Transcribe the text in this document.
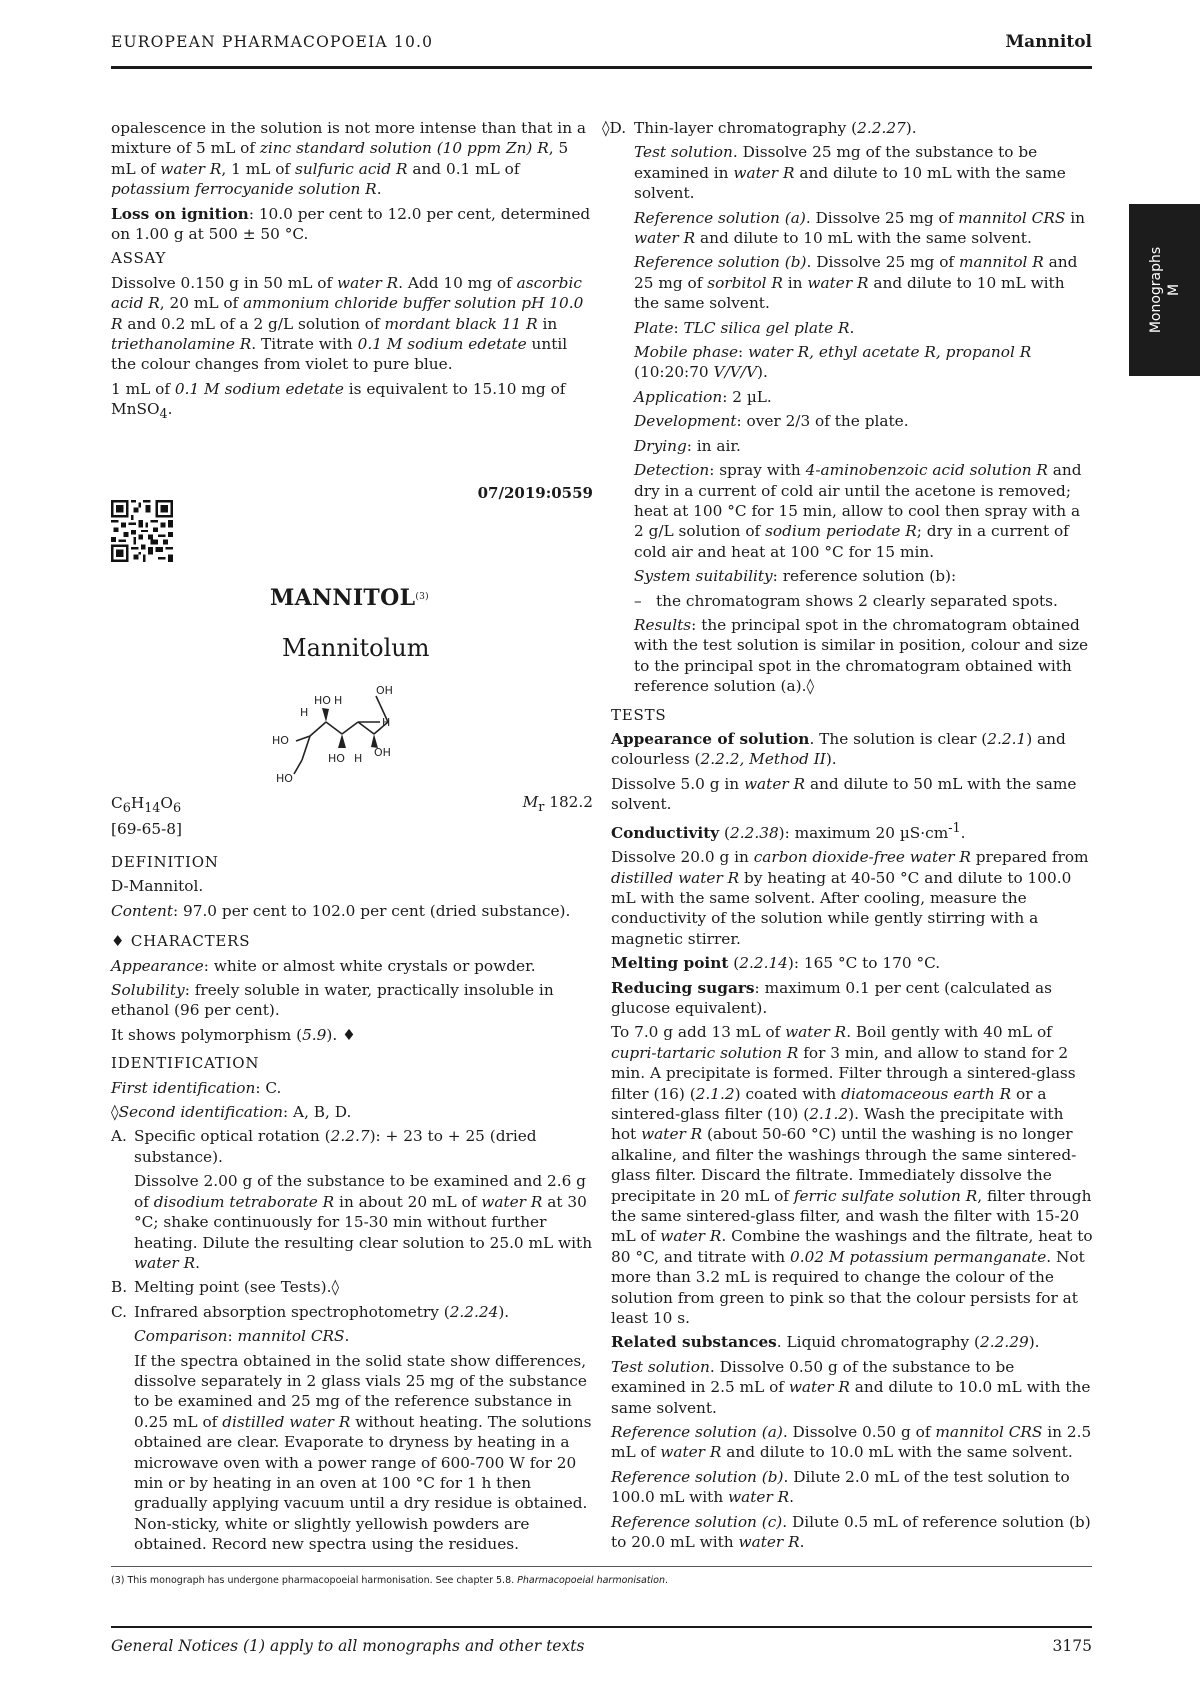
EUROPEAN PHARMACOPOEIA 10.0	Mannitol
Monographs M

opalescence in the solution is not more intense than that in a mixture of 5 mL of zinc standard solution (10 ppm Zn) R, 5 mL of water R, 1 mL of sulfuric acid R and 0.1 mL of potassium ferrocyanide solution R.

Loss on ignition: 10.0 per cent to 12.0 per cent, determined on 1.00 g at 500 ± 50 °C.

ASSAY

Dissolve 0.150 g in 50 mL of water R. Add 10 mg of ascorbic acid R, 20 mL of ammonium chloride buffer solution pH 10.0 R and 0.2 mL of a 2 g/L solution of mordant black 11 R in triethanolamine R. Titrate with 0.1 M sodium edetate until the colour changes from violet to pure blue.

1 mL of 0.1 M sodium edetate is equivalent to 15.10 mg of MnSO$_4$.

07/2019:0559
MANNITOL$^{(3)}$
Mannitolum
OH
HO H
H
H
HO
OH
HO H
HO
$C_6H_{14}O_6$
[69-65-8]
$M_r$ 182.2
DEFINITION

D-Mannitol.

Content: 97.0 per cent to 102.0 per cent (dried substance).

♦ CHARACTERS

Appearance: white or almost white crystals or powder.

Solubility: freely soluble in water, practically insoluble in ethanol (96 per cent).

It shows polymorphism (5.9). ♦

IDENTIFICATION

First identification: C.

◊Second identification: A, B, D.

A. Specific optical rotation (2.2.7): + 23 to + 25 (dried substance).

Dissolve 2.00 g of the substance to be examined and 2.6 g of disodium tetraborate R in about 20 mL of water R at 30 °C; shake continuously for 15-30 min without further heating. Dilute the resulting clear solution to 25.0 mL with water R.

B. Melting point (see Tests).◊

C. Infrared absorption spectrophotometry (2.2.24).

Comparison: mannitol CRS.

If the spectra obtained in the solid state show differences, dissolve separately in 2 glass vials 25 mg of the substance to be examined and 25 mg of the reference substance in 0.25 mL of distilled water R without heating. The solutions obtained are clear. Evaporate to dryness by heating in a microwave oven with a power range of 600-700 W for 20 min or by heating in an oven at 100 °C for 1 h then gradually applying vacuum until a dry residue is obtained. Non-sticky, white or slightly yellowish powders are obtained. Record new spectra using the residues.

◊D. Thin-layer chromatography (2.2.27).

Test solution. Dissolve 25 mg of the substance to be examined in water R and dilute to 10 mL with the same solvent.

Reference solution (a). Dissolve 25 mg of mannitol CRS in water R and dilute to 10 mL with the same solvent.

Reference solution (b). Dissolve 25 mg of mannitol R and 25 mg of sorbitol R in water R and dilute to 10 mL with the same solvent.

Plate: TLC silica gel plate R.

Mobile phase: water R, ethyl acetate R, propanol R (10:20:70 V/V/V).

Application: 2 µL.

Development: over 2/3 of the plate.

Drying: in air.

Detection: spray with 4-aminobenzoic acid solution R and dry in a current of cold air until the acetone is removed; heat at 100 °C for 15 min, allow to cool then spray with a 2 g/L solution of sodium periodate R; dry in a current of cold air and heat at 100 °C for 15 min.

System suitability: reference solution (b):

– the chromatogram shows 2 clearly separated spots.

Results: the principal spot in the chromatogram obtained with the test solution is similar in position, colour and size to the principal spot in the chromatogram obtained with reference solution (a).◊

TESTS

Appearance of solution. The solution is clear (2.2.1) and colourless (2.2.2, Method II).

Dissolve 5.0 g in water R and dilute to 50 mL with the same solvent.

Conductivity (2.2.38): maximum 20 $\mu S\cdot cm^{-1}$.

Dissolve 20.0 g in carbon dioxide-free water R prepared from distilled water R by heating at 40-50 °C and dilute to 100.0 mL with the same solvent. After cooling, measure the conductivity of the solution while gently stirring with a magnetic stirrer.

Melting point (2.2.14): 165 °C to 170 °C.

Reducing sugars: maximum 0.1 per cent (calculated as glucose equivalent).

To 7.0 g add 13 mL of water R. Boil gently with 40 mL of cupri-tartaric solution R for 3 min, and allow to stand for 2 min. A precipitate is formed. Filter through a sintered-glass filter (16) (2.1.2) coated with diatomaceous earth R or a sintered-glass filter (10) (2.1.2). Wash the precipitate with hot water R (about 50-60 °C) until the washing is no longer alkaline, and filter the washings through the same sintered-glass filter. Discard the filtrate. Immediately dissolve the precipitate in 20 mL of ferric sulfate solution R, filter through the same sintered-glass filter, and wash the filter with 15-20 mL of water R. Combine the washings and the filtrate, heat to 80 °C, and titrate with 0.02 M potassium permanganate. Not more than 3.2 mL is required to change the colour of the solution from green to pink so that the colour persists for at least 10 s.

Related substances. Liquid chromatography (2.2.29).

Test solution. Dissolve 0.50 g of the substance to be examined in 2.5 mL of water R and dilute to 10.0 mL with the same solvent.

Reference solution (a). Dissolve 0.50 g of mannitol CRS in 2.5 mL of water R and dilute to 10.0 mL with the same solvent.

Reference solution (b). Dilute 2.0 mL of the test solution to 100.0 mL with water R.

Reference solution (c). Dilute 0.5 mL of reference solution (b) to 20.0 mL with water R.

(3) This monograph has undergone pharmacopoeial harmonisation. See chapter 5.8. Pharmacopoeial harmonisation.
General Notices (1) apply to all monographs and other texts	3175
